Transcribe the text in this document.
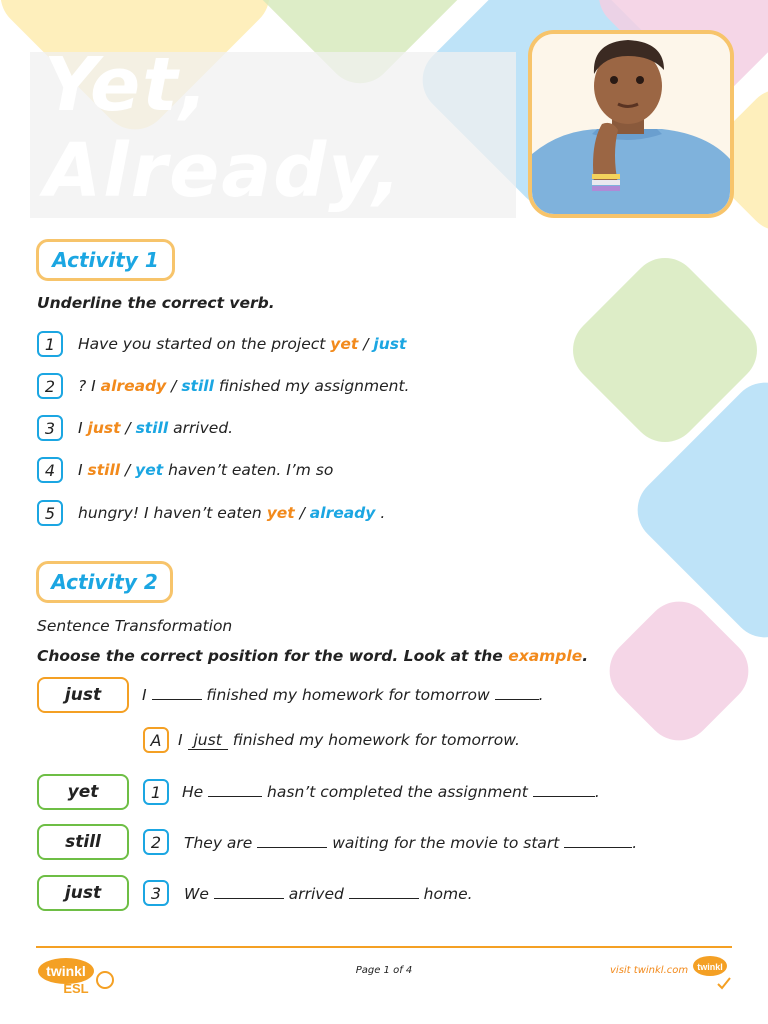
Yet,
Already,
Activity 1
Underline the correct verb.
1	Have you started on the project yet / just
2	? I already / still finished my assignment.
3	I just / still arrived.
4	I still / yet haven’t eaten. I’m so
5	hungry! I haven’t eaten yet / already .
Activity 2
Sentence Transformation
Choose the correct position for the word. Look at the example.
just	I	finished my homework for tomorrow	.
A	I just finished my homework for tomorrow.
yet	1	He	hasn’t completed the assignment	.
still	2	They are	waiting for the movie to start	.
just	3	We	arrived	home.
Page 1 of 4	visit twinkl.com
twinkl
ESL
twinkl
